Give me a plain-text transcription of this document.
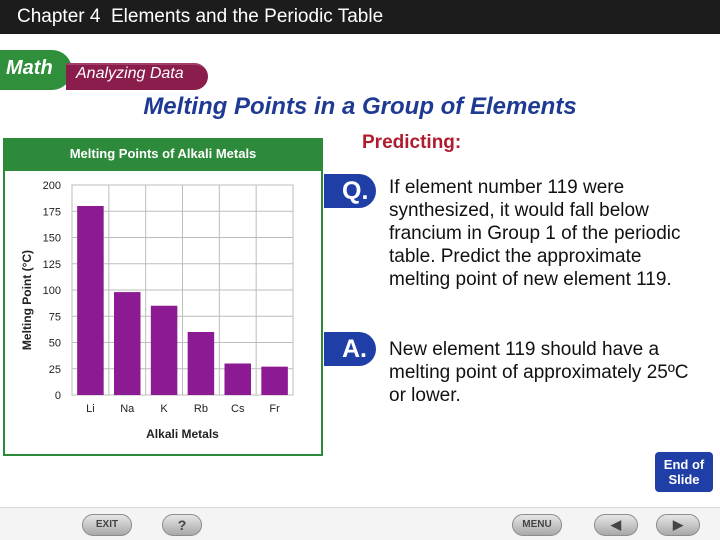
Chapter 4  Elements and the Periodic Table
Math Analyzing Data
Melting Points in a Group of Elements
Melting Points of Alkali Metals
0
25
50
75
100
125
150
175
200
Li Na K Rb Cs Fr
Alkali Metals
Melting Point (°C)
Predicting:
Q.	If element number 119 were synthesized, it would fall below francium in Group 1 of the periodic table. Predict the approximate melting point of new element 119.
A.	New element 119 should have a melting point of approximately 25ºC or lower.
End of
Slide
EXIT	?	MENU	◀	▶
